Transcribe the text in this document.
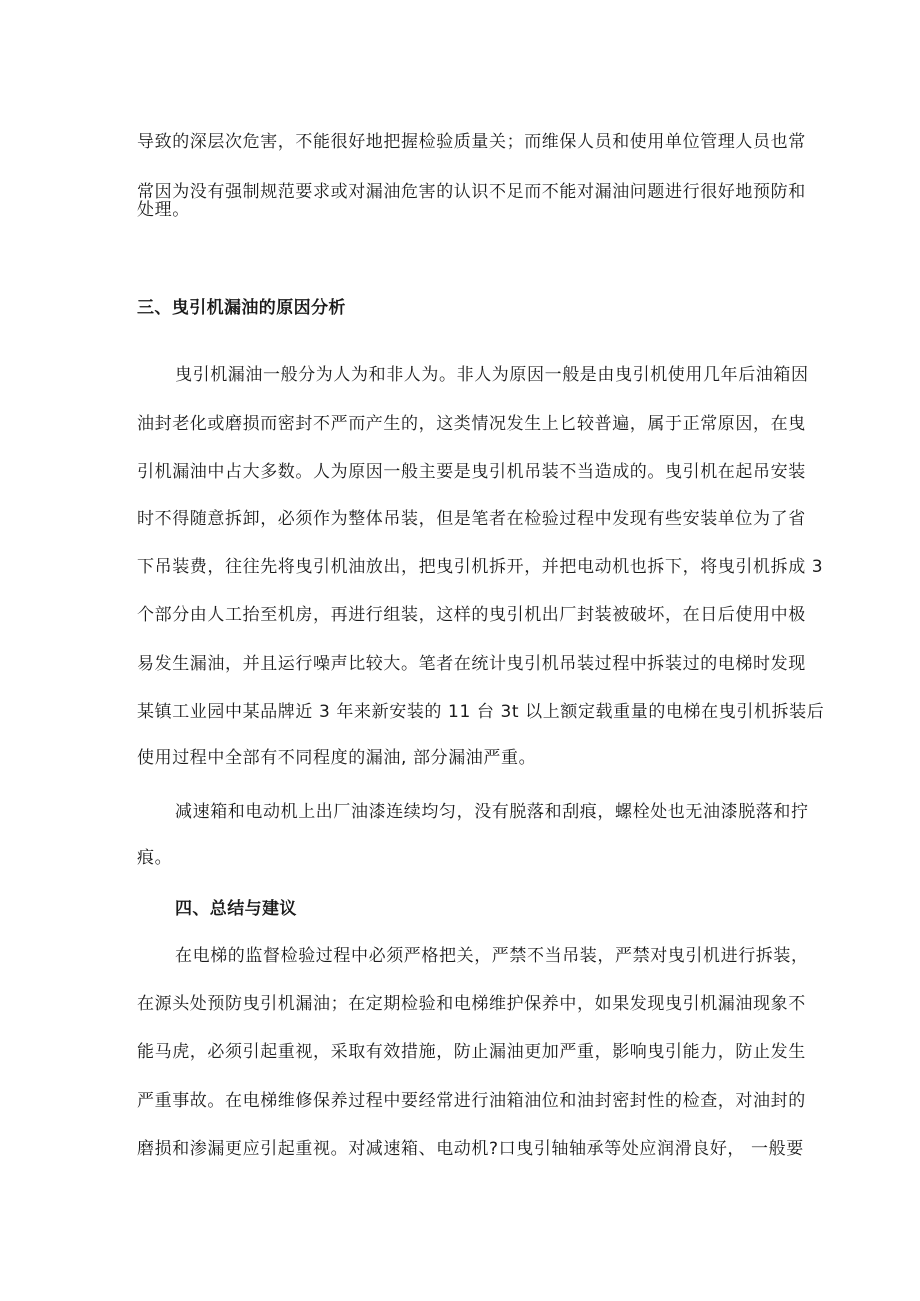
导致的深层次危害，不能很好地把握检验质量关；而维保人员和使用单位管理人员也常
常因为没有强制规范要求或对漏油危害的认识不足而不能对漏油问题进行很好地预防和
处理。
三、曳引机漏油的原因分析
曳引机漏油一般分为人为和非人为。非人为原因一般是由曳引机使用几年后油箱因
油封老化或磨损而密封不严而产生的，这类情况发生上匕较普遍，属于正常原因，在曳
引机漏油中占大多数。人为原因一般主要是曳引机吊装不当造成的。曳引机在起吊安装
时不得随意拆卸，必须作为整体吊装，但是笔者在检验过程中发现有些安装单位为了省
下吊装费，往往先将曳引机油放出，把曳引机拆开，并把电动机也拆下，将曳引机拆成 3
个部分由人工抬至机房，再进行组装，这样的曳引机出厂封装被破坏，在日后使用中极
易发生漏油，并且运行噪声比较大。笔者在统计曳引机吊装过程中拆装过的电梯时发现
某镇工业园中某品牌近 3 年来新安装的 11 台 3t 以上额定载重量的电梯在曳引机拆装后
使用过程中全部有不同程度的漏油, 部分漏油严重。
减速箱和电动机上出厂油漆连续均匀，没有脱落和刮痕，螺栓处也无油漆脱落和拧
痕。
四、总结与建议
在电梯的监督检验过程中必须严格把关，严禁不当吊装，严禁对曳引机进行拆装，
在源头处预防曳引机漏油；在定期检验和电梯维护保养中，如果发现曳引机漏油现象不
能马虎，必须引起重视，采取有效措施，防止漏油更加严重，影响曳引能力，防止发生
严重事故。在电梯维修保养过程中要经常进行油箱油位和油封密封性的检查，对油封的
磨损和渗漏更应引起重视。对减速箱、电动机?口曳引轴轴承等处应润滑良好， 一般要
